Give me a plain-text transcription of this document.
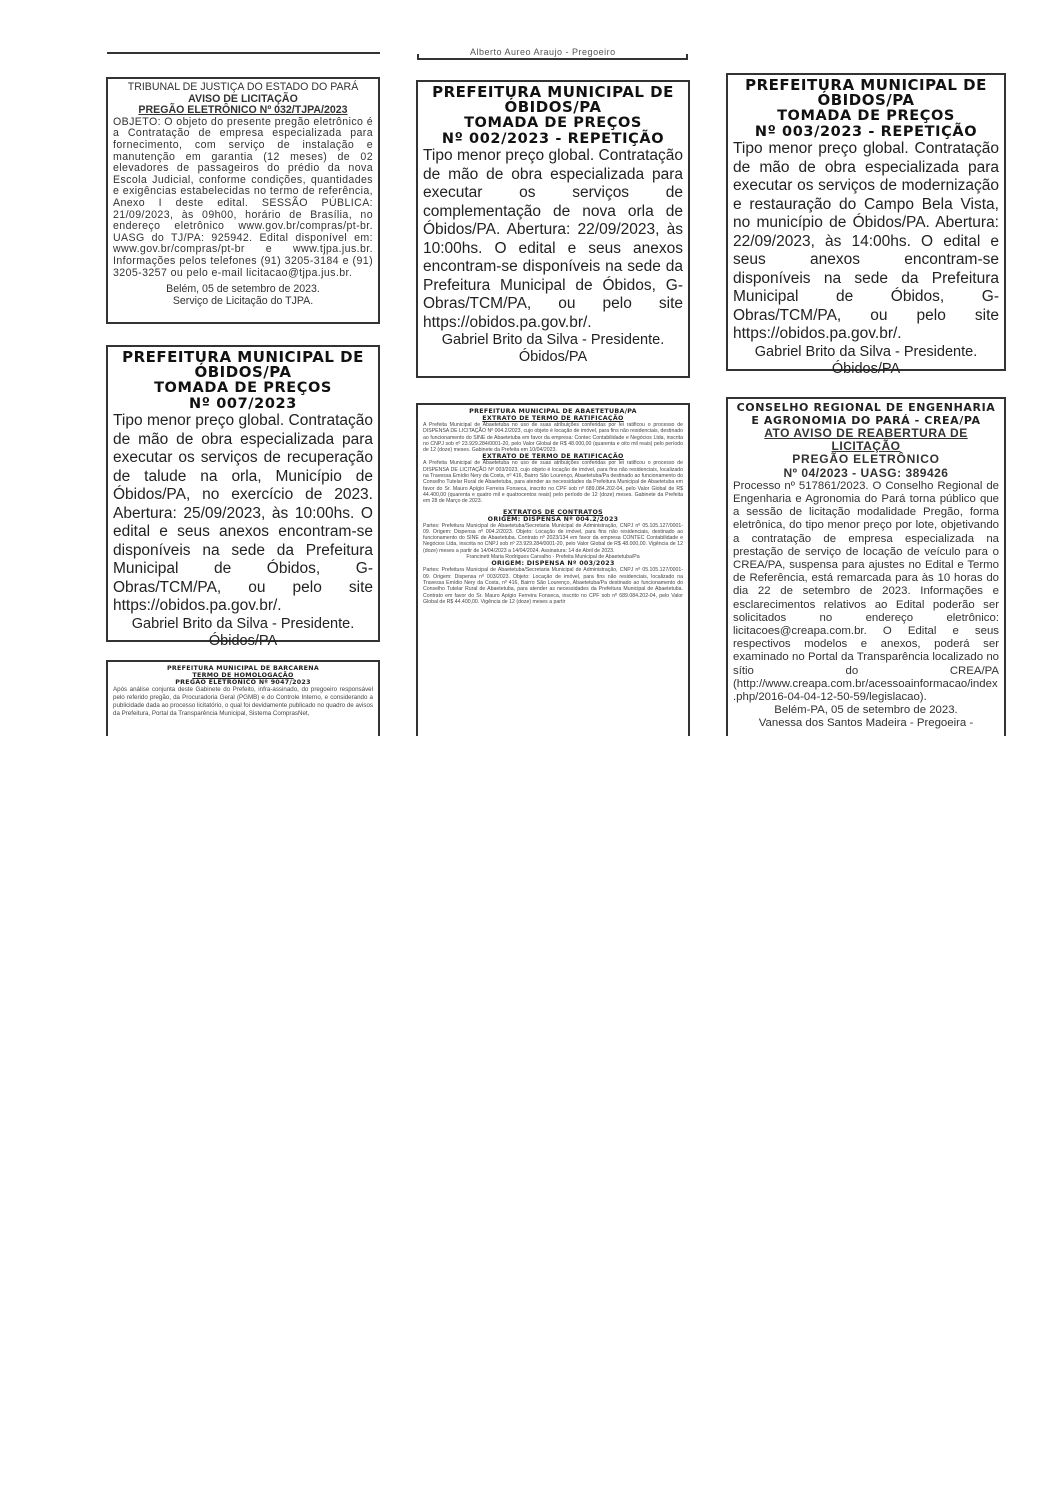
Alberto Aureo Araujo - Pregoeiro
TRIBUNAL DE JUSTIÇA DO ESTADO DO PARÁ
AVISO DE LICITAÇÃO
PREGÃO ELETRÔNICO Nº 032/TJPA/2023

OBJETO: O objeto do presente pregão eletrônico é a Contratação de empresa especializada para fornecimento, com serviço de instalação e manutenção em garantia (12 meses) de 02 elevadores de passageiros do prédio da nova Escola Judicial, conforme condições, quantidades e exigências estabelecidas no termo de referência, Anexo I deste edital. SESSÃO PÚBLICA: 21/09/2023, às 09h00, horário de Brasília, no endereço eletrônico www.gov.br/compras/pt-br. UASG do TJ/PA: 925942. Edital disponível em: www.gov.br/compras/pt-br e www.tjpa.jus.br. Informações pelos telefones (91) 3205-3184 e (91) 3205-3257 ou pelo e-mail licitacao@tjpa.jus.br.

Belém, 05 de setembro de 2023.
Serviço de Licitação do TJPA.
PREFEITURA MUNICIPAL DE ÓBIDOS/PA
TOMADA DE PREÇOS
Nº 007/2023

Tipo menor preço global. Contratação de mão de obra especializada para executar os serviços de recuperação de talude na orla, Município de Óbidos/PA, no exercício de 2023. Abertura: 25/09/2023, às 10:00hs. O edital e seus anexos encontram-se disponíveis na sede da Prefeitura Municipal de Óbidos, G-Obras/TCM/PA, ou pelo site https://obidos.pa.gov.br/.

Gabriel Brito da Silva - Presidente. Óbidos/PA

PREFEITURA MUNICIPAL DE BARCARENA
TERMO DE HOMOLOGAÇÃO
PREGÃO ELETRÔNICO Nº 9047/2023

Após análise conjunta deste Gabinete do Prefeito, infra-assinado, do pregoeiro responsável pelo referido pregão, da Procuradoria Geral (PGMB) e do Controle Interno, e considerando a publicidade dada ao processo licitatório, o qual foi devidamente publicado no quadro de avisos da Prefeitura, Portal da Transparência Municipal, Sistema ComprasNet,

PREFEITURA MUNICIPAL DE ÓBIDOS/PA
TOMADA DE PREÇOS
Nº 002/2023 - REPETIÇÃO

Tipo menor preço global. Contratação de mão de obra especializada para executar os serviços de complementação de nova orla de Óbidos/PA. Abertura: 22/09/2023, às 10:00hs. O edital e seus anexos encontram-se disponíveis na sede da Prefeitura Municipal de Óbidos, G-Obras/TCM/PA, ou pelo site https://obidos.pa.gov.br/.

Gabriel Brito da Silva - Presidente. Óbidos/PA

PREFEITURA MUNICIPAL DE ABAETETUBA/PA
EXTRATO DE TERMO DE RATIFICAÇÃO

A Prefeita Municipal de Abaetetuba no uso de suas atribuições conferidas por lei ratificou o processo de DISPENSA DE LICITAÇÃO Nº 004.2/2023, cujo objeto é locação de imóvel, para fins não residenciais, destinado ao funcionamento do SINE de Abaetetuba em favor da empresa: Contec Contabilidade e Negócios Ltda, inscrita no CNPJ sob nº 23.929.284/0001-20, pelo Valor Global de R$ 48.000,00 (quarenta e oito mil reais) pelo período de 12 (doze) meses. Gabinete da Prefeita em 10/04/2023.

EXTRATO DE TERMO DE RATIFICAÇÃO

A Prefeita Municipal de Abaetetuba no uso de suas atribuições conferidas por lei ratificou o processo de DISPENSA DE LICITAÇÃO Nº 003/2023, cujo objeto é locação de imóvel, para fins não residenciais, localizado na Travessa Emídio Nery da Costa, nº 416, Bairro São Lourenço, Abaetetuba/Pa destinado ao funcionamento do Conselho Tutelar Rural de Abaetetuba, para atender as necessidades da Prefeitura Municipal de Abaetetuba em favor do Sr. Mauro Apígio Ferreira Fonseca, inscrito no CPF sob nº 689.084.202-04, pelo Valor Global de R$ 44.400,00 (quarenta e quatro mil e quatrocentos reais) pelo período de 12 (doze) meses. Gabinete da Prefeita em 28 de Março de 2023.

EXTRATOS DE CONTRATOS
ORIGEM: DISPENSA Nº 004.2/2023

Partes: Prefeitura Municipal de Abaetetuba/Secretaria Municipal de Administração, CNPJ nº 05.105.127/0001-09. Origem: Dispensa nº 004.2/2023. Objeto: Locação de imóvel, para fins não residenciais, destinado ao funcionamento do SINE de Abaetetuba. Contrato nº 2023/134 em favor da empresa CONTEC Contabilidade e Negócios Ltda, inscrita no CNPJ sob nº 23.929.284/0001-20, pelo Valor Global de R$ 48.000,00. Vigência de 12 (doze) meses a partir de 14/04/2023 a 14/04/2024. Assinatura: 14 de Abril de 2023.

Francinett Maria Rodrigues Carvalho - Prefeita Municipal de Abaetetuba/Pa
ORIGEM: DISPENSA Nº 003/2023

Partes: Prefeitura Municipal de Abaetetuba/Secretaria Municipal de Administração, CNPJ nº 05.105.127/0001-09. Origem: Dispensa nº 003/2023. Objeto: Locação de imóvel, para fins não residenciais, localizado na Travessa Emídio Nery da Costa, nº 416, Bairro São Lourenço, Abaetetuba/Pa destinado ao funcionamento do Conselho Tutelar Rural de Abaetetuba, para atender as necessidades da Prefeitura Municipal de Abaetetuba. Contrato em favor do Sr. Mauro Apígio Ferreira Fonseca, inscrito no CPF sob nº 689.084.202-04, pelo Valor Global de R$ 44.400,00. Vigência de 12 (doze) meses a partir

PREFEITURA MUNICIPAL DE ÓBIDOS/PA
TOMADA DE PREÇOS
Nº 003/2023 - REPETIÇÃO

Tipo menor preço global. Contratação de mão de obra especializada para executar os serviços de modernização e restauração do Campo Bela Vista, no município de Óbidos/PA. Abertura: 22/09/2023, às 14:00hs. O edital e seus anexos encontram-se disponíveis na sede da Prefeitura Municipal de Óbidos, G-Obras/TCM/PA, ou pelo site https://obidos.pa.gov.br/.

Gabriel Brito da Silva - Presidente. Óbidos/PA

CONSELHO REGIONAL DE ENGENHARIA E AGRONOMIA DO PARÁ - CREA/PA
ATO AVISO DE REABERTURA DE LICITAÇÃO
PREGÃO ELETRÔNICO
Nº 04/2023 - UASG: 389426

Processo nº 517861/2023. O Conselho Regional de Engenharia e Agronomia do Pará torna público que a sessão de licitação modalidade Pregão, forma eletrônica, do tipo menor preço por lote, objetivando a contratação de empresa especializada na prestação de serviço de locação de veículo para o CREA/PA, suspensa para ajustes no Edital e Termo de Referência, está remarcada para às 10 horas do dia 22 de setembro de 2023. Informações e esclarecimentos relativos ao Edital poderão ser solicitados no endereço eletrônico: licitacoes@creapa.com.br. O Edital e seus respectivos modelos e anexos, poderá ser examinado no Portal da Transparência localizado no sítio do CREA/PA (http://www.creapa.com.br/acessoainformacao/index.php/2016-04-04-12-50-59/legislacao).

Belém-PA, 05 de setembro de 2023.
Vanessa dos Santos Madeira - Pregoeira -
